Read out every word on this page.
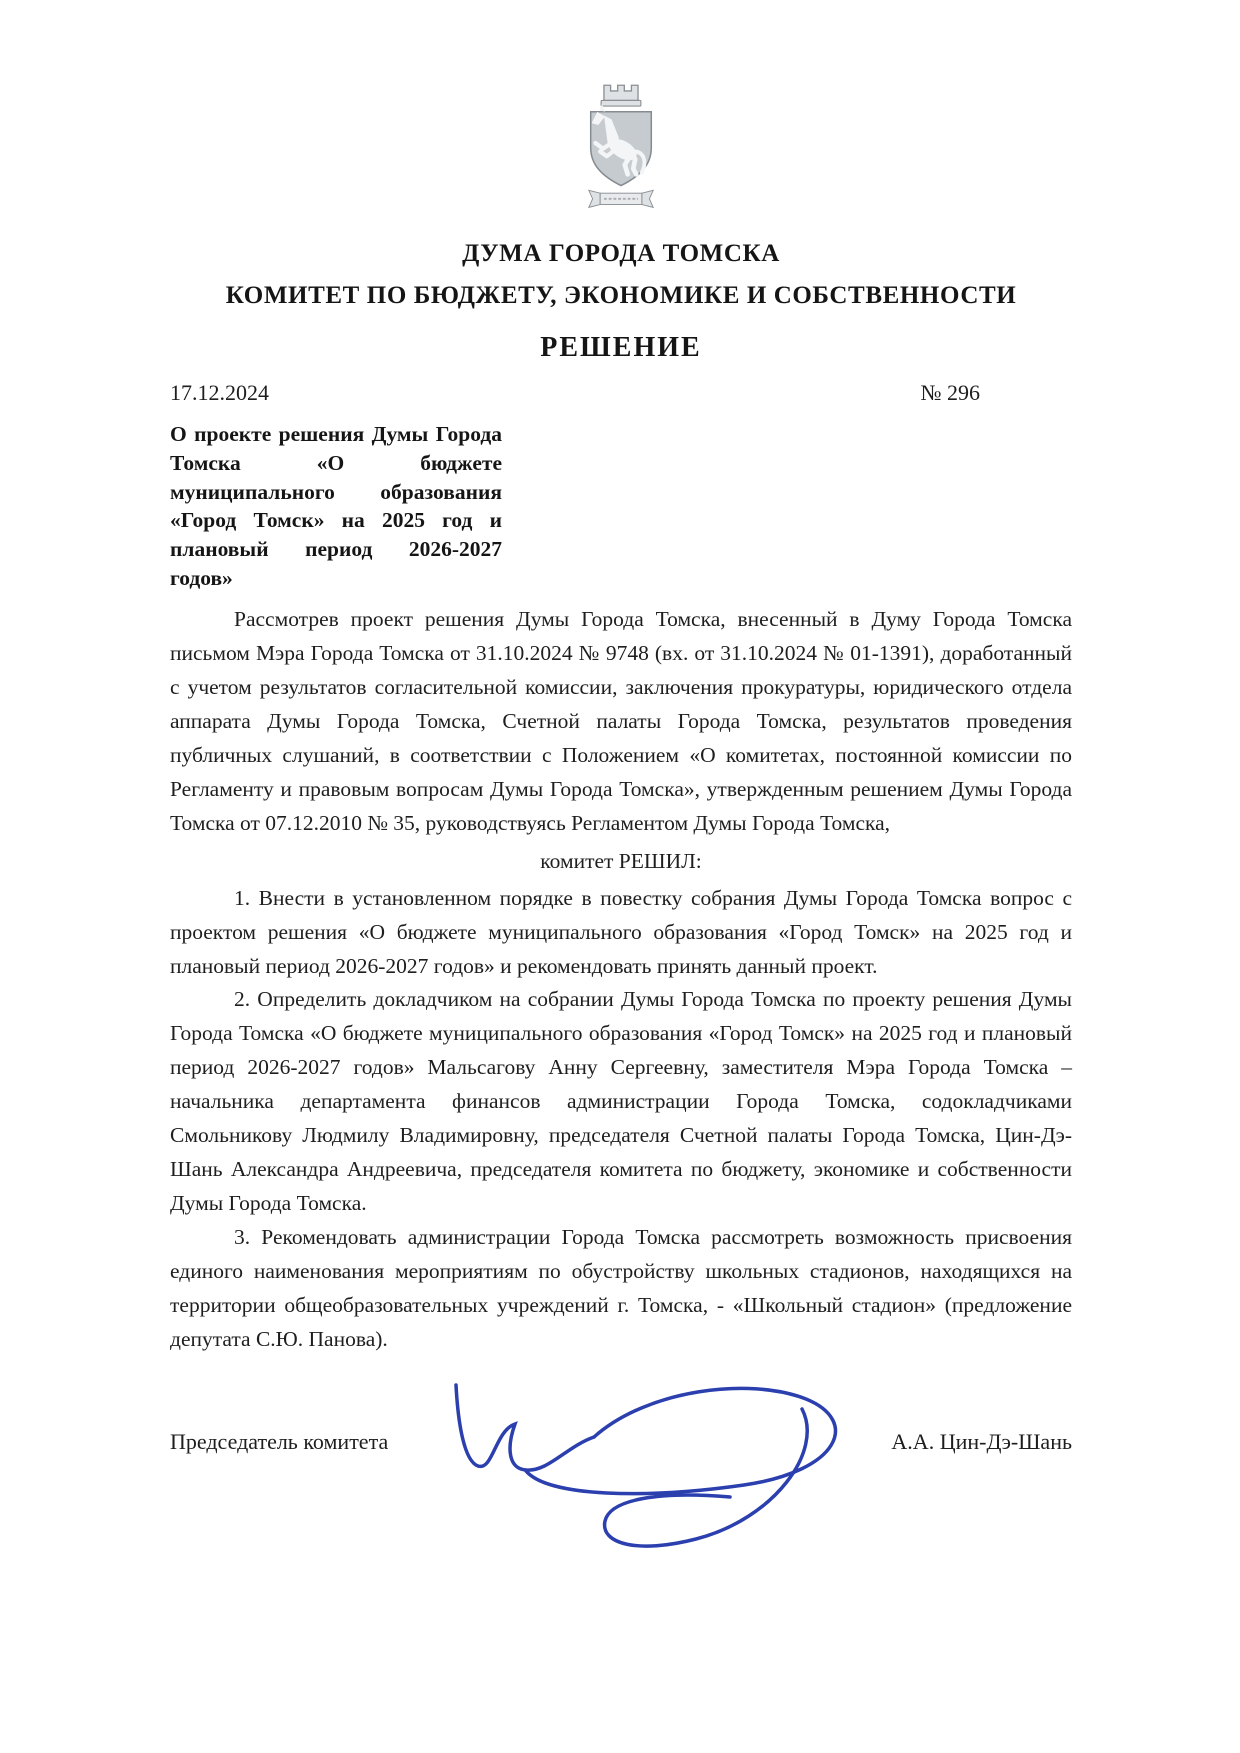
ДУМА ГОРОДА ТОМСКА
КОМИТЕТ ПО БЮДЖЕТУ, ЭКОНОМИКЕ И СОБСТВЕННОСТИ
РЕШЕНИЕ
17.12.2024	№ 296
О проекте решения Думы Города Томска «О бюджете муниципального образования «Город Томск» на 2025 год и плановый период 2026-2027 годов»

Рассмотрев проект решения Думы Города Томска, внесенный в Думу Города Томска письмом Мэра Города Томска от 31.10.2024 № 9748 (вх. от 31.10.2024 № 01-1391), доработанный с учетом результатов согласительной комиссии, заключения прокуратуры, юридического отдела аппарата Думы Города Томска, Счетной палаты Города Томска, результатов проведения публичных слушаний, в соответствии с Положением «О комитетах, постоянной комиссии по Регламенту и правовым вопросам Думы Города Томска», утвержденным решением Думы Города Томска от 07.12.2010 № 35, руководствуясь Регламентом Думы Города Томска,

комитет РЕШИЛ:

1. Внести в установленном порядке в повестку собрания Думы Города Томска вопрос с проектом решения «О бюджете муниципального образования «Город Томск» на 2025 год и плановый период 2026-2027 годов» и рекомендовать принять данный проект.

2. Определить докладчиком на собрании Думы Города Томска по проекту решения Думы Города Томска «О бюджете муниципального образования «Город Томск» на 2025 год и плановый период 2026-2027 годов» Мальсагову Анну Сергеевну, заместителя Мэра Города Томска – начальника департамента финансов администрации Города Томска, содокладчиками Смольникову Людмилу Владимировну, председателя Счетной палаты Города Томска, Цин-Дэ-Шань Александра Андреевича, председателя комитета по бюджету, экономике и собственности Думы Города Томска.

3. Рекомендовать администрации Города Томска рассмотреть возможность присвоения единого наименования мероприятиям по обустройству школьных стадионов, находящихся на территории общеобразовательных учреждений г. Томска, - «Школьный стадион» (предложение депутата С.Ю. Панова).

Председатель комитета	А.А. Цин-Дэ-Шань
